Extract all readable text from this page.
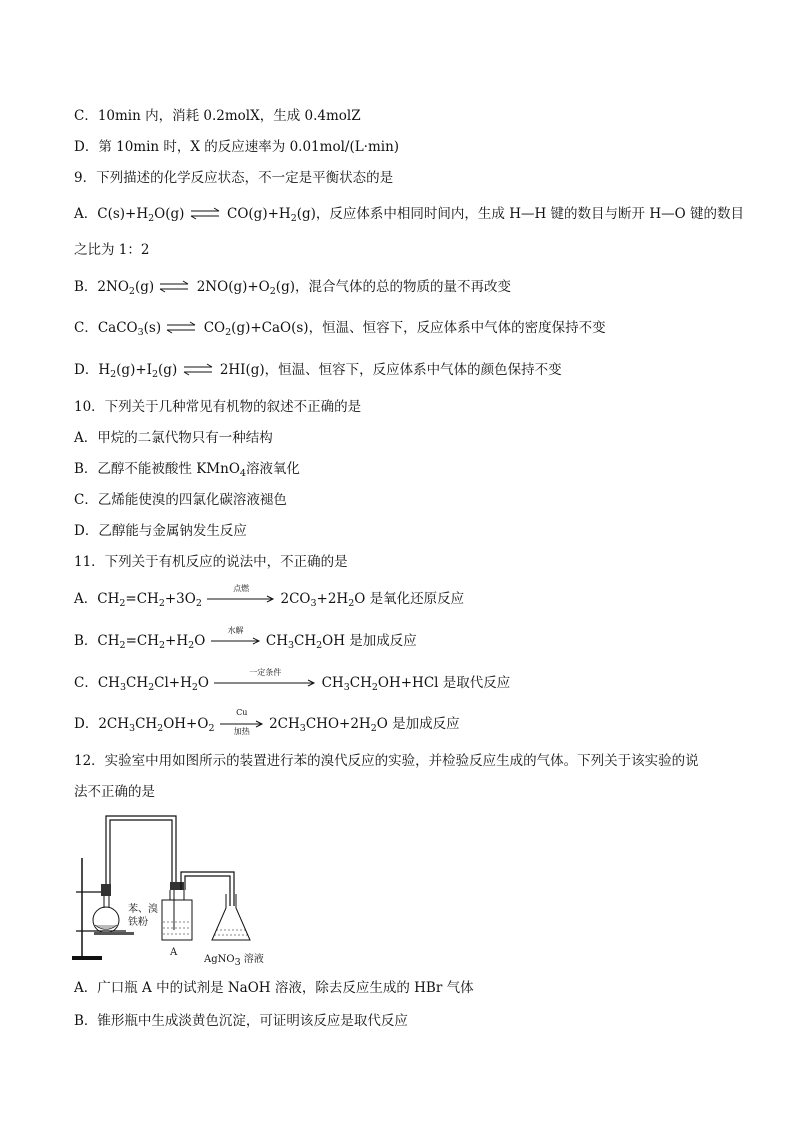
C．10min 内，消耗 0.2molX，生成 0.4molZ
D．第 10min 时，X 的反应速率为 0.01mol/(L·min)
9．下列描述的化学反应状态，不一定是平衡状态的是
A．$C(s)+H_2O(g)$ ⇌ $CO(g)+H_2(g)$，反应体系中相同时间内，生成 H—H 键的数目与断开 H—O 键的数目
之比为 1：2
B．$2NO_2(g)$ ⇌ $2NO(g)+O_2(g)$，混合气体的总的物质的量不再改变
C．CaCO$_3$(s) ⇌ $CO_2(g)+CaO(s)$，恒温、恒容下，反应体系中气体的密度保持不变
D．$H_2(g)+I_2(g)$ ⇌ 2HI(g)，恒温、恒容下，反应体系中气体的颜色保持不变
10．下列关于几种常见有机物的叙述不正确的是
A．甲烷的二氯代物只有一种结构
B．乙醇不能被酸性 KMnO$_4$溶液氧化
C．乙烯能使溴的四氯化碳溶液褪色
D．乙醇能与金属钠发生反应
11．下列关于有机反应的说法中，不正确的是
A．$CH_2=CH_2+3O_2$
点燃
$2CO_3+2H_2O$ 是氧化还原反应
B．$CH_2=CH_2+H_2O$
水解
$CH_3CH_2OH$ 是加成反应
C．$CH_3CH_2Cl+H_2O$
一定条件
$CH_3CH_2OH+HCl$ 是取代反应
D．$2CH_3CH_2OH+O_2$
Cu
加热	$2CH_3CHO+2H_2O$ 是加成反应
12．实验室中用如图所示的装置进行苯的溴代反应的实验，并检验反应生成的气体。下列关于该实验的说
法不正确的是
苯、溴
铁粉
A
AgNO3 溶液
A．广口瓶 A 中的试剂是 NaOH 溶液，除去反应生成的 HBr 气体
B．锥形瓶中生成淡黄色沉淀，可证明该反应是取代反应
